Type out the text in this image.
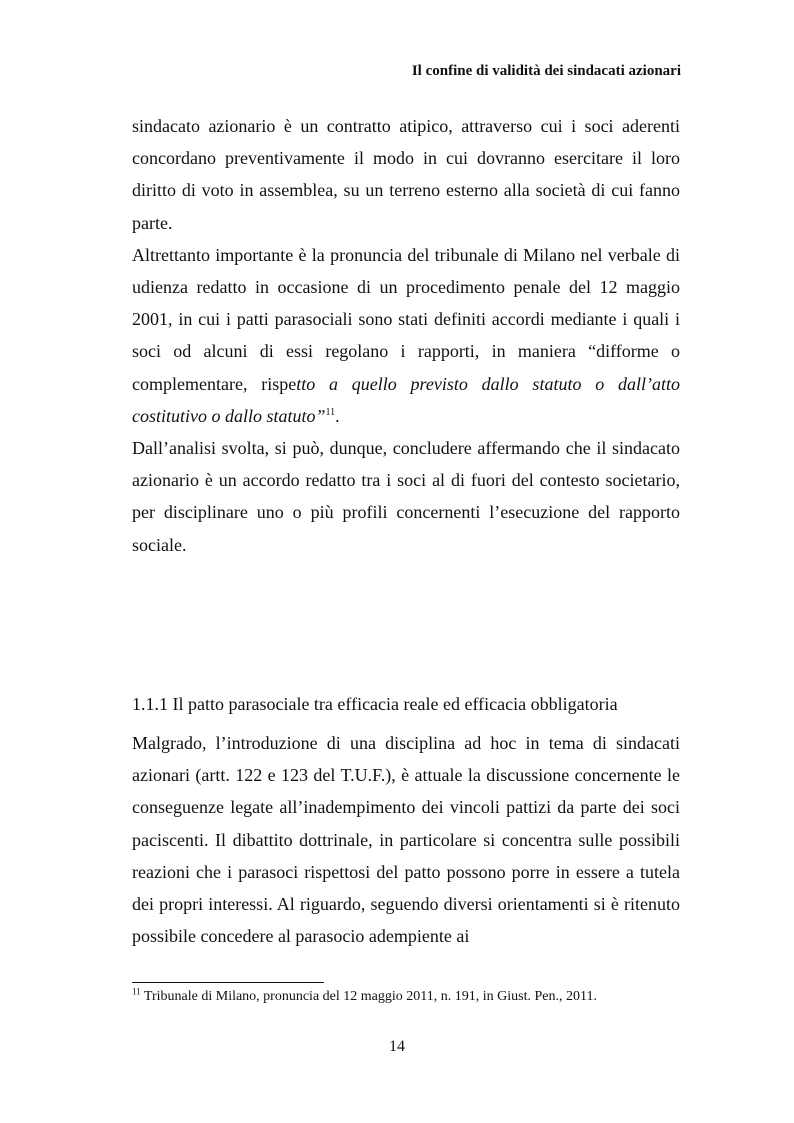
Il confine di validità dei sindacati azionari

sindacato azionario è un contratto atipico, attraverso cui i soci aderenti concordano preventivamente il modo in cui dovranno esercitare il loro diritto di voto in assemblea, su un terreno esterno alla società di cui fanno parte.

Altrettanto importante è la pronuncia del tribunale di Milano nel verbale di udienza redatto in occasione di un procedimento penale del 12 maggio 2001, in cui i patti parasociali sono stati definiti accordi mediante i quali i soci od alcuni di essi regolano i rapporti, in maniera “difforme o complementare, rispetto a quello previsto dallo statuto o dall’atto costitutivo o dallo statuto”$^{11}$.

Dall’analisi svolta, si può, dunque, concludere affermando che il sindacato azionario è un accordo redatto tra i soci al di fuori del contesto societario, per disciplinare uno o più profili concernenti l’esecuzione del rapporto sociale.

1.1.1 Il patto parasociale tra efficacia reale ed efficacia obbligatoria

Malgrado, l’introduzione di una disciplina ad hoc in tema di sindacati azionari (artt. 122 e 123 del T.U.F.), è attuale la discussione concernente le conseguenze legate all’inadempimento dei vincoli pattizi da parte dei soci paciscenti. Il dibattito dottrinale, in particolare si concentra sulle possibili reazioni che i parasoci rispettosi del patto possono porre in essere a tutela dei propri interessi. Al riguardo, seguendo diversi orientamenti si è ritenuto possibile concedere al parasocio adempiente ai

$^{11}$ Tribunale di Milano, pronuncia del 12 maggio 2011, n. 191, in Giust. Pen., 2011.
14
